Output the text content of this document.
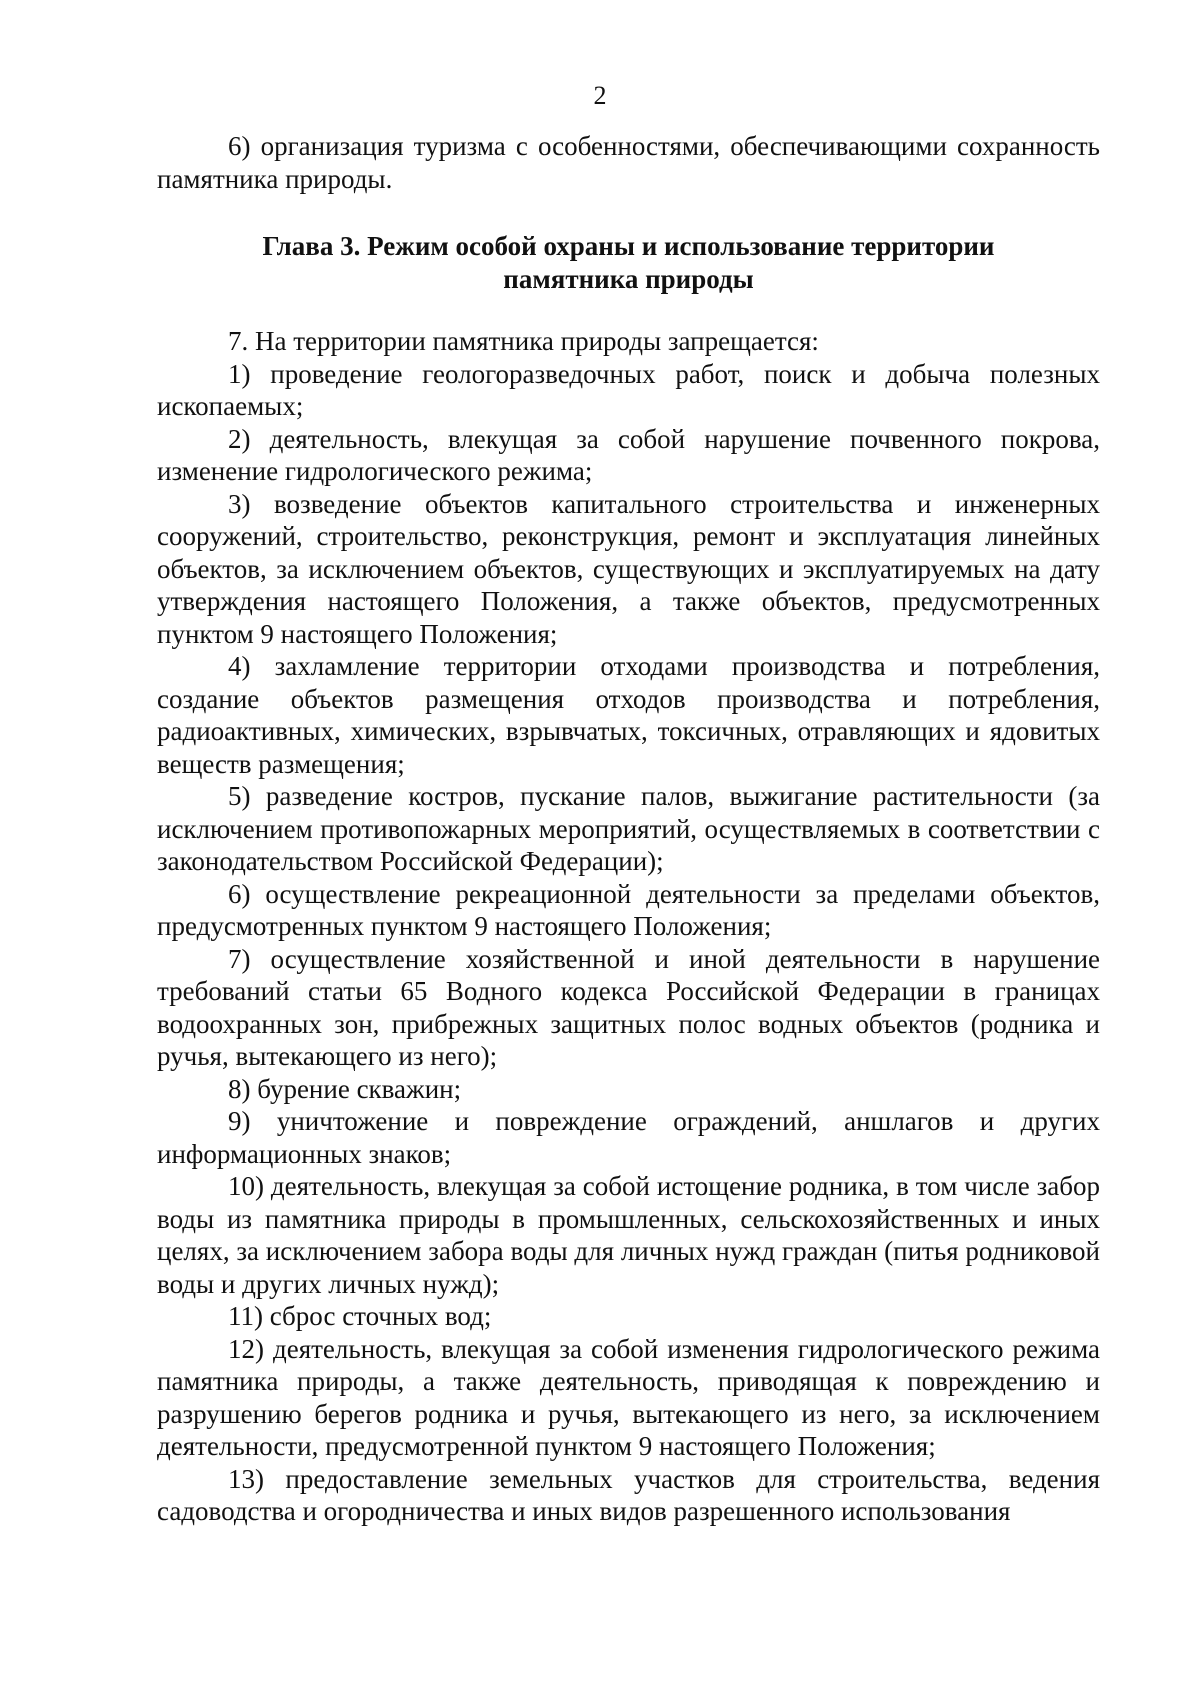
2

6) организация туризма с особенностями, обеспечивающими сохранность памятника природы.

Глава 3. Режим особой охраны и использование территории
памятника природы

7. На территории памятника природы запрещается:

1) проведение геологоразведочных работ, поиск и добыча полезных ископаемых;

2) деятельность, влекущая за собой нарушение почвенного покрова, изменение гидрологического режима;

3) возведение объектов капитального строительства и инженерных сооружений, строительство, реконструкция, ремонт и эксплуатация линейных объектов, за исключением объектов, существующих и эксплуатируемых на дату утверждения настоящего Положения, а также объектов, предусмотренных пунктом 9 настоящего Положения;

4) захламление территории отходами производства и потребления, создание объектов размещения отходов производства и потребления, радиоактивных, химических, взрывчатых, токсичных, отравляющих и ядовитых веществ размещения;

5) разведение костров, пускание палов, выжигание растительности (за исключением противопожарных мероприятий, осуществляемых в соответствии с законодательством Российской Федерации);

6) осуществление рекреационной деятельности за пределами объектов, предусмотренных пунктом 9 настоящего Положения;

7) осуществление хозяйственной и иной деятельности в нарушение требований статьи 65 Водного кодекса Российской Федерации в границах водоохранных зон, прибрежных защитных полос водных объектов (родника и ручья, вытекающего из него);

8) бурение скважин;

9) уничтожение и повреждение ограждений, аншлагов и других информационных знаков;

10) деятельность, влекущая за собой истощение родника, в том числе забор воды из памятника природы в промышленных, сельскохозяйственных и иных целях, за исключением забора воды для личных нужд граждан (питья родниковой воды и других личных нужд);

11) сброс сточных вод;

12) деятельность, влекущая за собой изменения гидрологического режима памятника природы, а также деятельность, приводящая к повреждению и разрушению берегов родника и ручья, вытекающего из него, за исключением деятельности, предусмотренной пунктом 9 настоящего Положения;

13) предоставление земельных участков для строительства, ведения садоводства и огородничества и иных видов разрешенного использования
